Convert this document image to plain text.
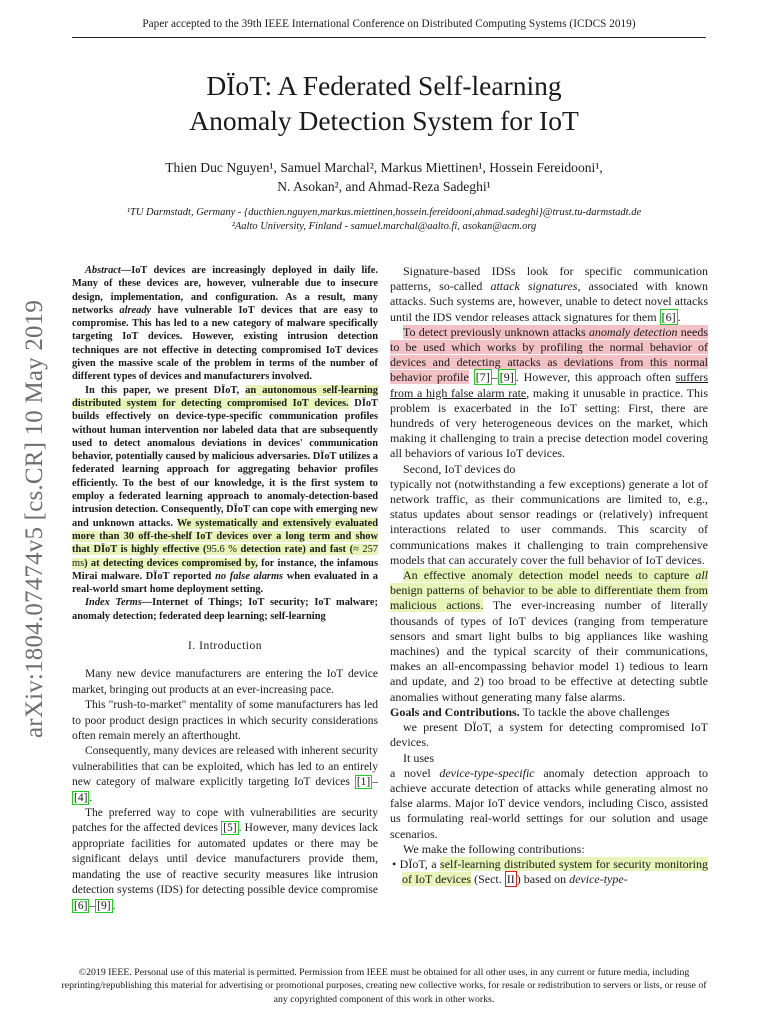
Paper accepted to the 39th IEEE International Conference on Distributed Computing Systems (ICDCS 2019)
DÏoT: A Federated Self-learning
Anomaly Detection System for IoT
Thien Duc Nguyen¹, Samuel Marchal², Markus Miettinen¹, Hossein Fereidooni¹,
N. Asokan², and Ahmad-Reza Sadeghi¹
¹TU Darmstadt, Germany - {ducthien.nguyen,markus.miettinen,hossein.fereidooni,ahmad.sadeghi}@trust.tu-darmstadt.de
²Aalto University, Finland - samuel.marchal@aalto.fi, asokan@acm.org
arXiv:1804.07474v5 [cs.CR] 10 May 2019

Abstract—IoT devices are increasingly deployed in daily life. Many of these devices are, however, vulnerable due to insecure design, implementation, and configuration. As a result, many networks already have vulnerable IoT devices that are easy to compromise. This has led to a new category of malware specifically targeting IoT devices. However, existing intrusion detection techniques are not effective in detecting compromised IoT devices given the massive scale of the problem in terms of the number of different types of devices and manufacturers involved.

In this paper, we present DÏoT, an autonomous self-learning distributed system for detecting compromised IoT devices. DÏoT builds effectively on device-type-specific communication profiles without human intervention nor labeled data that are subsequently used to detect anomalous deviations in devices' communication behavior, potentially caused by malicious adversaries. DÏoT utilizes a federated learning approach for aggregating behavior profiles efficiently. To the best of our knowledge, it is the first system to employ a federated learning approach to anomaly-detection-based intrusion detection. Consequently, DÏoT can cope with emerging new and unknown attacks. We systematically and extensively evaluated more than 30 off-the-shelf IoT devices over a long term and show that DÏoT is highly effective (95.6 % detection rate) and fast (≈ 257 ms) at detecting devices compromised by, for instance, the infamous Mirai malware. DÏoT reported no false alarms when evaluated in a real-world smart home deployment setting.

Index Terms—Internet of Things; IoT security; IoT malware; anomaly detection; federated deep learning; self-learning

I. Introduction

Many new device manufacturers are entering the IoT device market, bringing out products at an ever-increasing pace.

This "rush-to-market" mentality of some manufacturers has led to poor product design practices in which security considerations often remain merely an afterthought.

Consequently, many devices are released with inherent security vulnerabilities that can be exploited, which has led to an entirely new category of malware explicitly targeting IoT devices [1] –[4] .

The preferred way to cope with vulnerabilities are security patches for the affected devices [5] . However, many devices lack appropriate facilities for automated updates or there may be significant delays until device manufacturers provide them, mandating the use of reactive security measures like intrusion detection systems (IDS) for detecting possible device compromise [6] – [9] .

Signature-based IDSs look for specific communication patterns, so-called attack signatures, associated with known attacks. Such systems are, however, unable to detect novel attacks until the IDS vendor releases attack signatures for them [6] .

To detect previously unknown attacks anomaly detection needs to be used which works by profiling the normal behavior of devices and detecting attacks as deviations from this normal behavior profile [7] – [9] . However, this approach often suffers from a high false alarm rate, making it unusable in practice. This problem is exacerbated in the IoT setting: First, there are hundreds of very heterogeneous devices on the market, which making it challenging to train a precise detection model covering all behaviors of various IoT devices.

Second, IoT devices do

typically not (notwithstanding a few exceptions) generate a lot of network traffic, as their communications are limited to, e.g., status updates about sensor readings or (relatively) infrequent interactions related to user commands. This scarcity of communications makes it challenging to train comprehensive models that can accurately cover the full behavior of IoT devices.

An effective anomaly detection model needs to capture all benign patterns of behavior to be able to differentiate them from malicious actions. The ever-increasing number of literally thousands of types of IoT devices (ranging from temperature sensors and smart light bulbs to big appliances like washing machines) and the typical scarcity of their communications, makes an all-encompassing behavior model 1) tedious to learn and update, and 2) too broad to be effective at detecting subtle anomalies without generating many false alarms.

Goals and Contributions. To tackle the above challenges

we present DÏoT, a system for detecting compromised IoT devices.

It uses

a novel device-type-specific anomaly detection approach to achieve accurate detection of attacks while generating almost no false alarms. Major IoT device vendors, including Cisco, assisted us formulating real-world settings for our solution and usage scenarios.

We make the following contributions:

• DÏoT, a self-learning distributed system for security monitoring of IoT devices (Sect. II ) based on device-type-

©2019 IEEE. Personal use of this material is permitted. Permission from IEEE must be obtained for all other uses, in any current or future media, including reprinting/republishing this material for advertising or promotional purposes, creating new collective works, for resale or redistribution to servers or lists, or reuse of any copyrighted component of this work in other works.
